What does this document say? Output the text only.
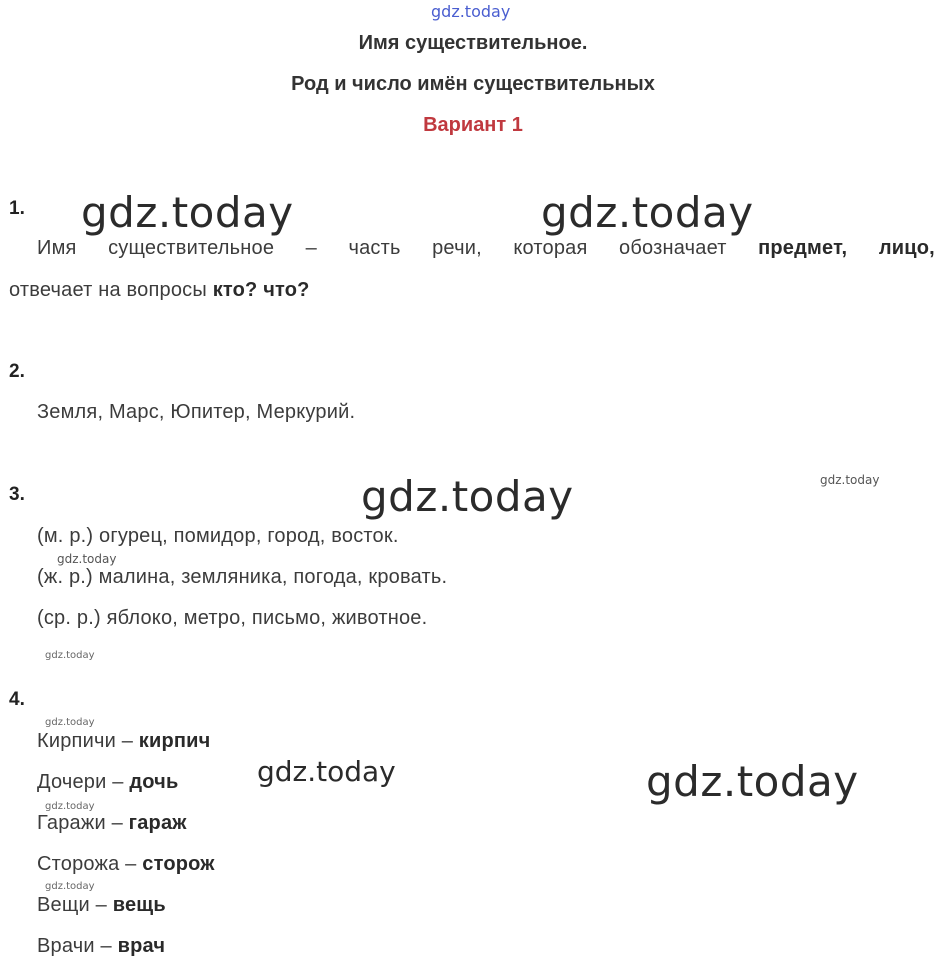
gdz.today
Имя существительное.
Род и число имён существительных
Вариант 1
gdz.today	gdz.today
gdz.today
gdz.today
gdz.today
gdz.today
gdz.today
gdz.today
gdz.today
gdz.today
gdz.today
1.
Имя существительное – часть речи, которая обозначает предмет, лицо,
отвечает на вопросы кто? что?
2.
Земля, Марс, Юпитер, Меркурий.
3.
(м. р.) огурец, помидор, город, восток.
(ж. р.) малина, земляника, погода, кровать.
(ср. р.) яблоко, метро, письмо, животное.
4.
Кирпичи – кирпич
Дочери – дочь
Гаражи – гараж
Сторожа – сторож
Вещи – вещь
Врачи – врач
